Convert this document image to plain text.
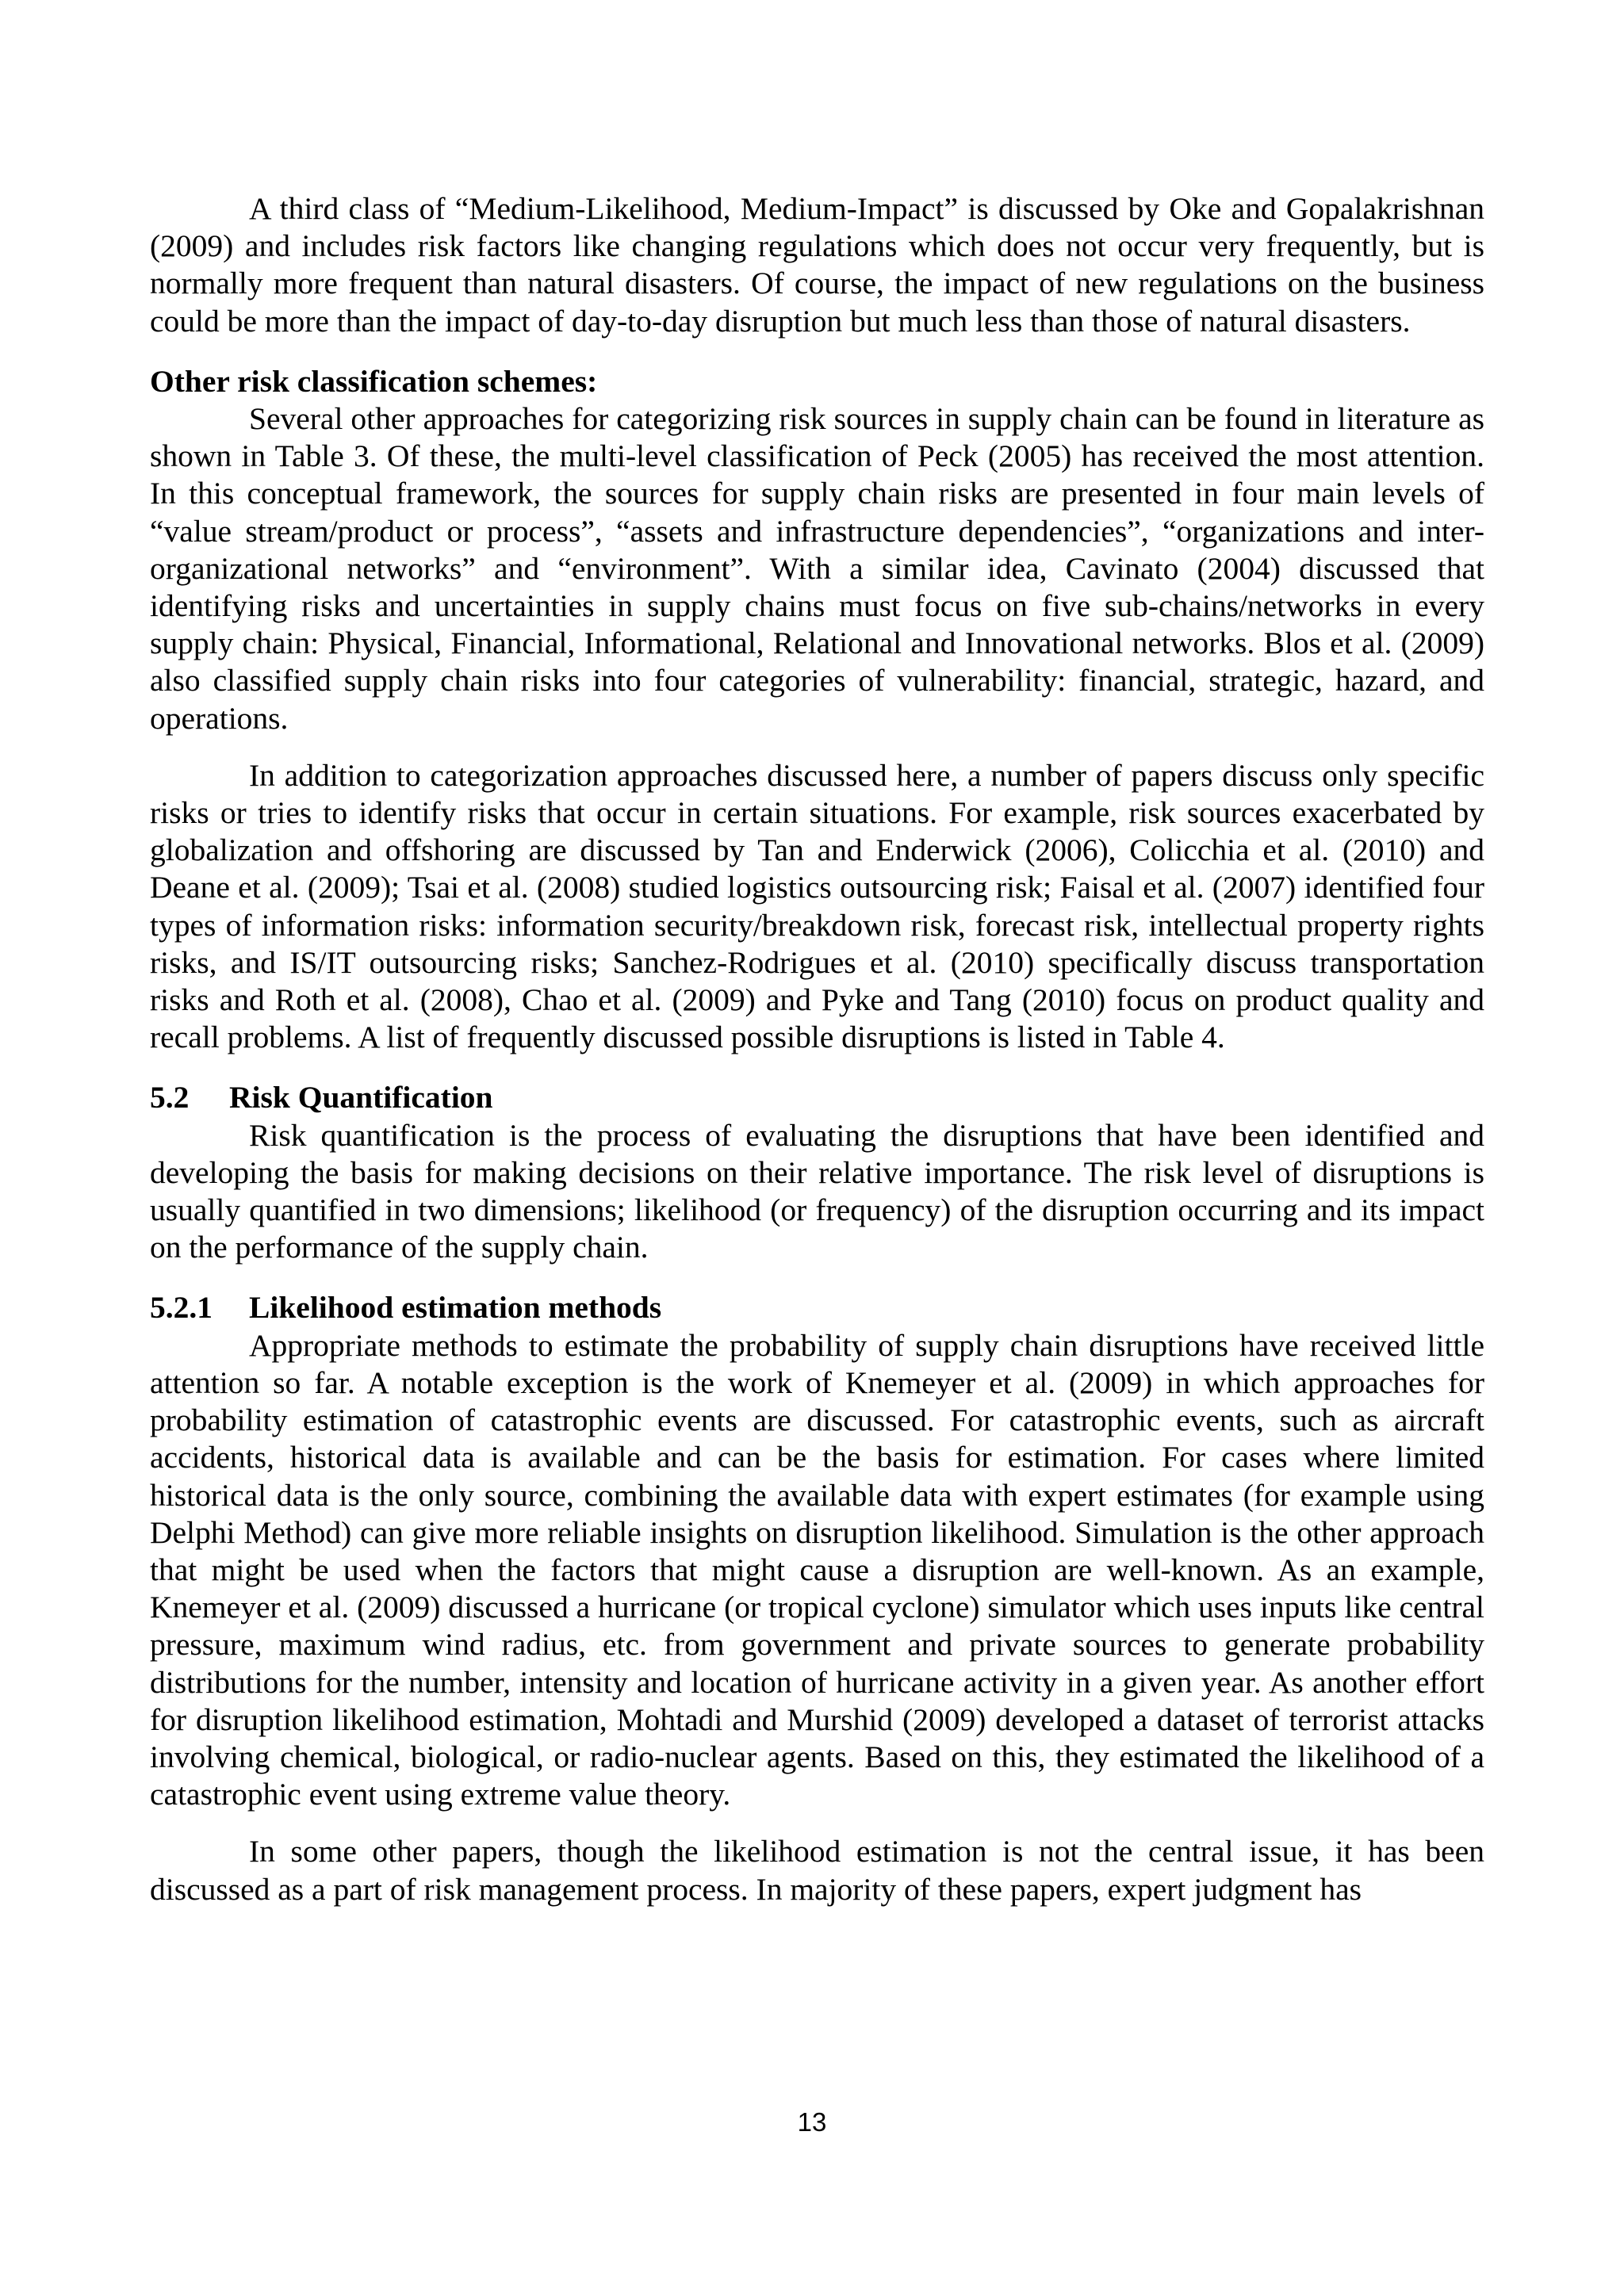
A third class of “Medium-Likelihood, Medium-Impact” is discussed by Oke and Gopalakrishnan (2009) and includes risk factors like changing regulations which does not occur very frequently, but is normally more frequent than natural disasters. Of course, the impact of new regulations on the business could be more than the impact of day-to-day disruption but much less than those of natural disasters.

Other risk classification schemes:

Several other approaches for categorizing risk sources in supply chain can be found in literature as shown in Table 3. Of these, the multi-level classification of Peck (2005) has received the most attention. In this conceptual framework, the sources for supply chain risks are presented in four main levels of “value stream/product or process”, “assets and infrastructure dependencies”, “organizations and inter-organizational networks” and “environment”. With a similar idea, Cavinato (2004) discussed that identifying risks and uncertainties in supply chains must focus on five sub-chains/networks in every supply chain: Physical, Financial, Informational, Relational and Innovational networks. Blos et al. (2009) also classified supply chain risks into four categories of vulnerability: financial, strategic, hazard, and operations.

In addition to categorization approaches discussed here, a number of papers discuss only specific risks or tries to identify risks that occur in certain situations. For example, risk sources exacerbated by globalization and offshoring are discussed by Tan and Enderwick (2006), Colicchia et al. (2010) and Deane et al. (2009); Tsai et al. (2008) studied logistics outsourcing risk; Faisal et al. (2007) identified four types of information risks: information security/breakdown risk, forecast risk, intellectual property rights risks, and IS/IT outsourcing risks; Sanchez-Rodrigues et al. (2010) specifically discuss transportation risks and Roth et al. (2008), Chao et al. (2009) and Pyke and Tang (2010) focus on product quality and recall problems. A list of frequently discussed possible disruptions is listed in Table 4.

5.2 Risk Quantification

Risk quantification is the process of evaluating the disruptions that have been identified and developing the basis for making decisions on their relative importance. The risk level of disruptions is usually quantified in two dimensions; likelihood (or frequency) of the disruption occurring and its impact on the performance of the supply chain.

5.2.1 Likelihood estimation methods

Appropriate methods to estimate the probability of supply chain disruptions have received little attention so far. A notable exception is the work of Knemeyer et al. (2009) in which approaches for probability estimation of catastrophic events are discussed. For catastrophic events, such as aircraft accidents, historical data is available and can be the basis for estimation. For cases where limited historical data is the only source, combining the available data with expert estimates (for example using Delphi Method) can give more reliable insights on disruption likelihood. Simulation is the other approach that might be used when the factors that might cause a disruption are well-known. As an example, Knemeyer et al. (2009) discussed a hurricane (or tropical cyclone) simulator which uses inputs like central pressure, maximum wind radius, etc. from government and private sources to generate probability distributions for the number, intensity and location of hurricane activity in a given year. As another effort for disruption likelihood estimation, Mohtadi and Murshid (2009) developed a dataset of terrorist attacks involving chemical, biological, or radio-nuclear agents. Based on this, they estimated the likelihood of a catastrophic event using extreme value theory.

In some other papers, though the likelihood estimation is not the central issue, it has been discussed as a part of risk management process. In majority of these papers, expert judgment has

13
